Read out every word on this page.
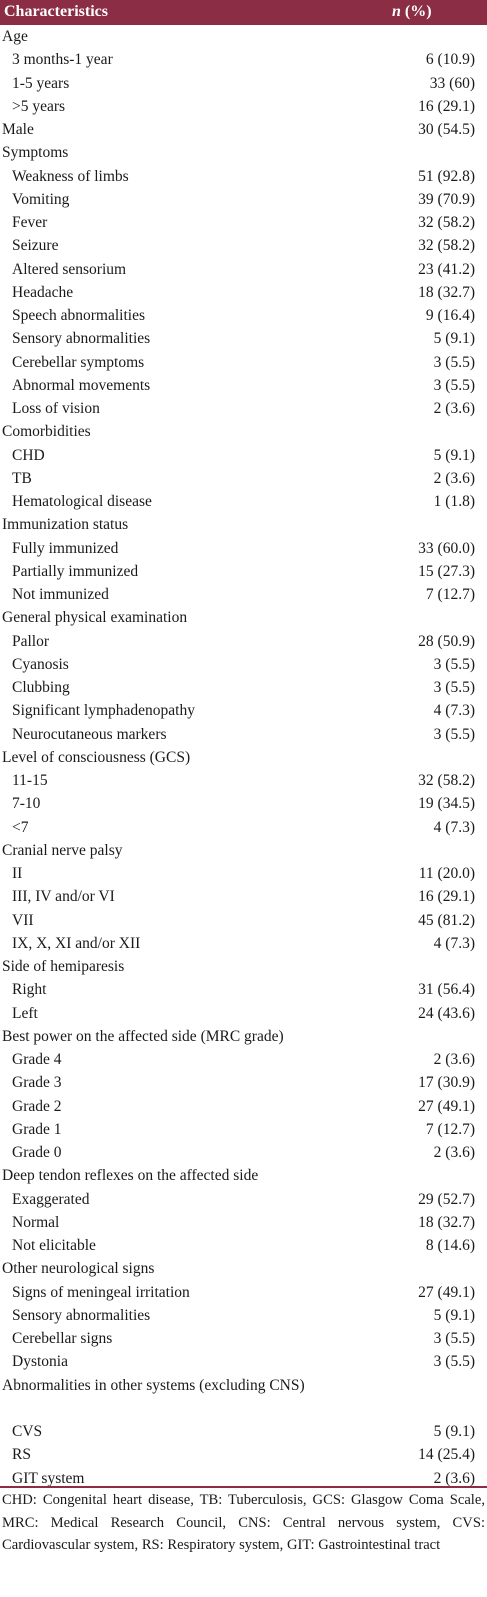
Characteristics	n (%)
Age
3 months-1 year	6 (10.9)
1-5 years	33 (60)
>5 years	16 (29.1)
Male	30 (54.5)
Symptoms
Weakness of limbs	51 (92.8)
Vomiting	39 (70.9)
Fever	32 (58.2)
Seizure	32 (58.2)
Altered sensorium	23 (41.2)
Headache	18 (32.7)
Speech abnormalities	9 (16.4)
Sensory abnormalities	5 (9.1)
Cerebellar symptoms	3 (5.5)
Abnormal movements	3 (5.5)
Loss of vision	2 (3.6)
Comorbidities
CHD	5 (9.1)
TB	2 (3.6)
Hematological disease	1 (1.8)
Immunization status
Fully immunized	33 (60.0)
Partially immunized	15 (27.3)
Not immunized	7 (12.7)
General physical examination
Pallor	28 (50.9)
Cyanosis	3 (5.5)
Clubbing	3 (5.5)
Significant lymphadenopathy	4 (7.3)
Neurocutaneous markers	3 (5.5)
Level of consciousness (GCS)
11-15	32 (58.2)
7-10	19 (34.5)
<7	4 (7.3)
Cranial nerve palsy
II	11 (20.0)
III, IV and/or VI	16 (29.1)
VII	45 (81.2)
IX, X, XI and/or XII	4 (7.3)
Side of hemiparesis
Right	31 (56.4)
Left	24 (43.6)
Best power on the affected side (MRC grade)
Grade 4	2 (3.6)
Grade 3	17 (30.9)
Grade 2	27 (49.1)
Grade 1	7 (12.7)
Grade 0	2 (3.6)
Deep tendon reflexes on the affected side
Exaggerated	29 (52.7)
Normal	18 (32.7)
Not elicitable	8 (14.6)
Other neurological signs
Signs of meningeal irritation	27 (49.1)
Sensory abnormalities	5 (9.1)
Cerebellar signs	3 (5.5)
Dystonia	3 (5.5)
Abnormalities in other systems (excluding CNS)
CVS	5 (9.1)
RS	14 (25.4)
GIT system	2 (3.6)
CHD: Congenital heart disease, TB: Tuberculosis, GCS: Glasgow Coma Scale, MRC: Medical Research Council, CNS: Central nervous system, CVS: Cardiovascular system, RS: Respiratory system, GIT: Gastrointestinal tract
